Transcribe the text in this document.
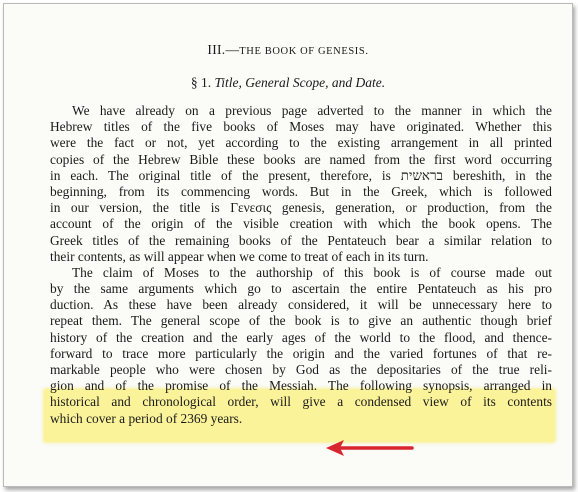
III.—THE BOOK OF GENESIS.
§ 1. Title, General Scope, and Date.
We have already on a previous page adverted to the manner in which the
Hebrew titles of the five books of Moses may have originated. Whether this
were the fact or not, yet according to the existing arrangement in all printed
copies of the Hebrew Bible these books are named from the first word occurring
in each. The original title of the present, therefore, is בראשית bereshith, in the
beginning, from its commencing words. But in the Greek, which is followed
in our version, the title is Γενεσις genesis, generation, or production, from the
account of the origin of the visible creation with which the book opens. The
Greek titles of the remaining books of the Pentateuch bear a similar relation to
their contents, as will appear when we come to treat of each in its turn.
The claim of Moses to the authorship of this book is of course made out
by the same arguments which go to ascertain the entire Pentateuch as his pro
duction. As these have been already considered, it will be unnecessary here to
repeat them. The general scope of the book is to give an authentic though brief
history of the creation and the early ages of the world to the flood, and thence-
forward to trace more particularly the origin and the varied fortunes of that re-
markable people who were chosen by God as the depositaries of the true reli-
gion and of the promise of the Messiah. The following synopsis, arranged in
historical and chronological order, will give a condensed view of its contents
which cover a period of 2369 years.
